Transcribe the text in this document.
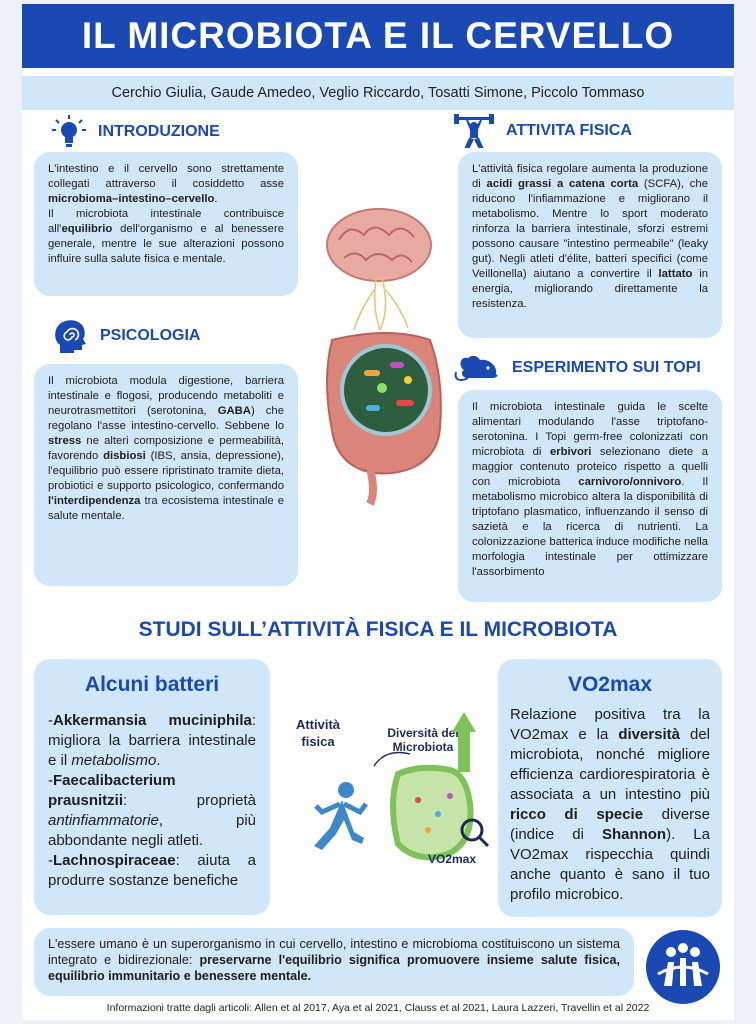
IL MICROBIOTA E IL CERVELLO
Cerchio Giulia, Gaude Amedeo, Veglio Riccardo, Tosatti Simone, Piccolo Tommaso
INTRODUZIONE

L'intestino e il cervello sono strettamente collegati attraverso il cosiddetto asse microbioma–intestino–cervello.

Il microbiota intestinale contribuisce all'equilibrio dell'organismo e al benessere generale, mentre le sue alterazioni possono influire sulla salute fisica e mentale.

PSICOLOGIA

Il microbiota modula digestione, barriera intestinale e flogosi, producendo metaboliti e neurotrasmettitori (serotonina, GABA) che regolano l'asse intestino-cervello. Sebbene lo stress ne alteri composizione e permeabilità, favorendo disbiosi (IBS, ansia, depressione), l'equilibrio può essere ripristinato tramite dieta, probiotici e supporto psicologico, confermando l'interdipendenza tra ecosistema intestinale e salute mentale.

ATTIVITA FISICA

L'attività fisica regolare aumenta la produzione di acidi grassi a catena corta (SCFA), che riducono l'infiammazione e migliorano il metabolismo. Mentre lo sport moderato rinforza la barriera intestinale, sforzi estremi possono causare "intestino permeabile" (leaky gut). Negli atleti d'élite, batteri specifici (come Veillonella) aiutano a convertire il lattato in energia, migliorando direttamente la resistenza.

ESPERIMENTO SUI TOPI

Il microbiota intestinale guida le scelte alimentari modulando l'asse triptofano-serotonina. I Topi germ-free colonizzati con microbiota di erbivori selezionano diete a maggior contenuto proteico rispetto a quelli con microbiota carnivoro/onnivoro. Il metabolismo microbico altera la disponibilità di triptofano plasmatico, influenzando il senso di sazietà e la ricerca di nutrienti. La colonizzazione batterica induce modifiche nella morfologia intestinale per ottimizzare l'assorbimento

STUDI SULL’ATTIVITÀ FISICA E IL MICROBIOTA
Alcuni batteri

-Akkermansia muciniphila: migliora la barriera intestinale e il metabolismo.

-Faecalibacterium prausnitzii: proprietà antinfiammatorie, più abbondante negli atleti.

-Lachnospiraceae: aiuta a produrre sostanze benefiche

Attività fisica
Diversità del Microbiota
VO2max
VO2max

Relazione positiva tra la VO2max e la diversità del microbiota, nonché migliore efficienza cardiorespiratoria è associata a un intestino più ricco di specie diverse (indice di Shannon). La VO2max rispecchia quindi anche quanto è sano il tuo profilo microbico.

L'essere umano è un superorganismo in cui cervello, intestino e microbioma costituiscono un sistema integrato e bidirezionale: preservarne l'equilibrio significa promuovere insieme salute fisica, equilibrio immunitario e benessere mentale.

Informazioni tratte dagli articoli: Allen et al 2017, Aya et al 2021, Clauss et al 2021, Laura Lazzeri, Travellin et al 2022
